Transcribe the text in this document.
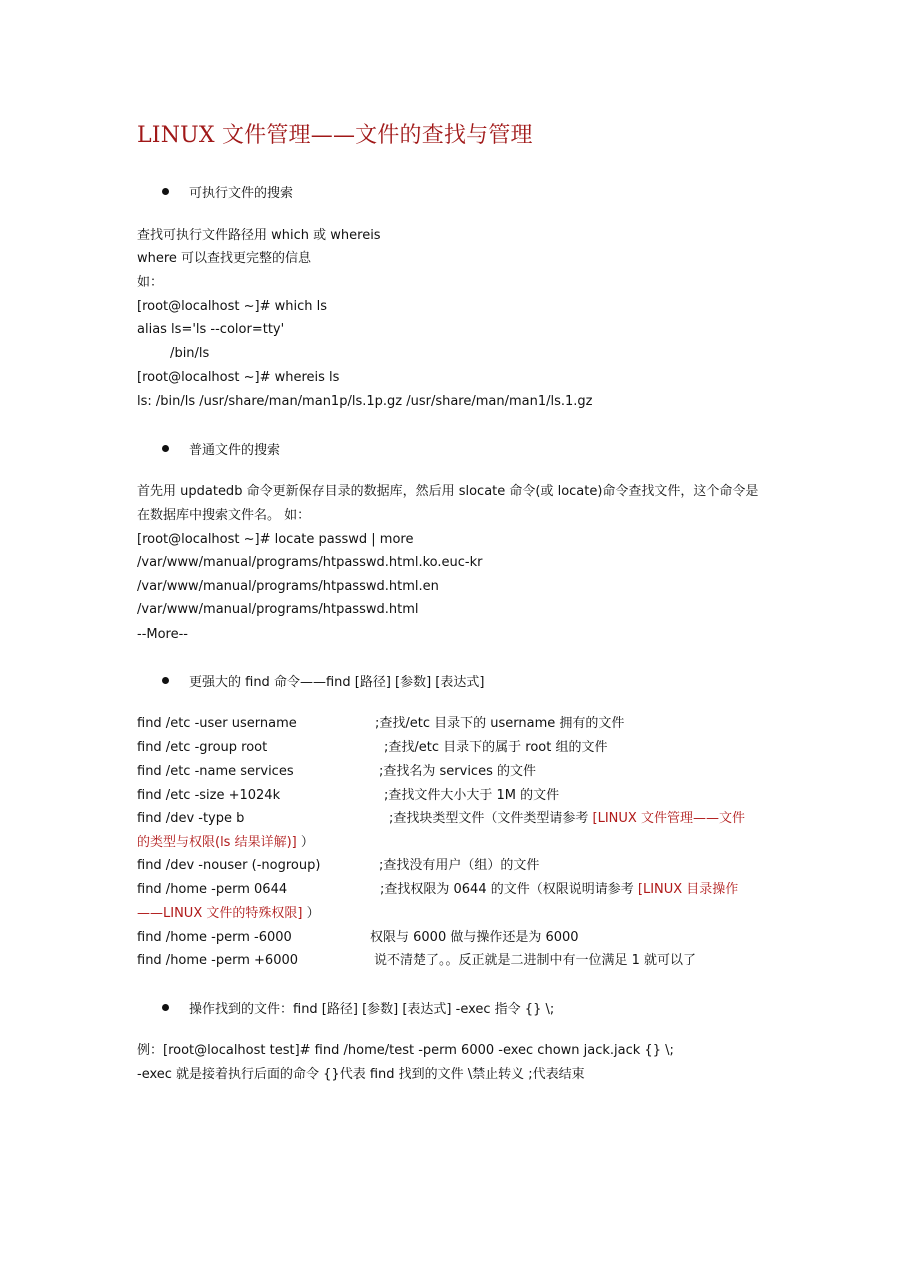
LINUX 文件管理——文件的查找与管理
可执行文件的搜索
查找可执行文件路径用 which 或 whereis
where 可以查找更完整的信息
如：
[root@localhost ~]# which ls
alias ls='ls --color=tty'
/bin/ls
[root@localhost ~]# whereis ls
ls: /bin/ls /usr/share/man/man1p/ls.1p.gz /usr/share/man/man1/ls.1.gz
普通文件的搜索
首先用 updatedb 命令更新保存目录的数据库，然后用 slocate 命令(或 locate)命令查找文件，这个命令是
在数据库中搜索文件名。 如：
[root@localhost ~]# locate passwd | more
/var/www/manual/programs/htpasswd.html.ko.euc-kr
/var/www/manual/programs/htpasswd.html.en
/var/www/manual/programs/htpasswd.html
--More--
更强大的 find 命令——find [路径] [参数] [表达式]
find /etc -user username	;查找/etc 目录下的 username 拥有的文件
find /etc -group root	;查找/etc 目录下的属于 root 组的文件
find /etc -name services	;查找名为 services 的文件
find /etc -size +1024k	;查找文件大小大于 1M 的文件
find /dev -type b	;查找块类型文件（文件类型请参考 [LINUX 文件管理——文件
的类型与权限(ls 结果详解)] ）
find /dev -nouser (-nogroup)	;查找没有用户（组）的文件
find /home -perm 0644	;查找权限为 0644 的文件（权限说明请参考 [LINUX 目录操作
——LINUX 文件的特殊权限] ）
find /home -perm -6000	权限与 6000 做与操作还是为 6000
find /home -perm +6000	说不清楚了。。反正就是二进制中有一位满足 1 就可以了
操作找到的文件：find [路径] [参数] [表达式] -exec 指令 {} \;
例：[root@localhost test]# find /home/test -perm 6000 -exec chown jack.jack {} \;
-exec 就是接着执行后面的命令 {}代表 find 找到的文件 \禁止转义 ;代表结束
